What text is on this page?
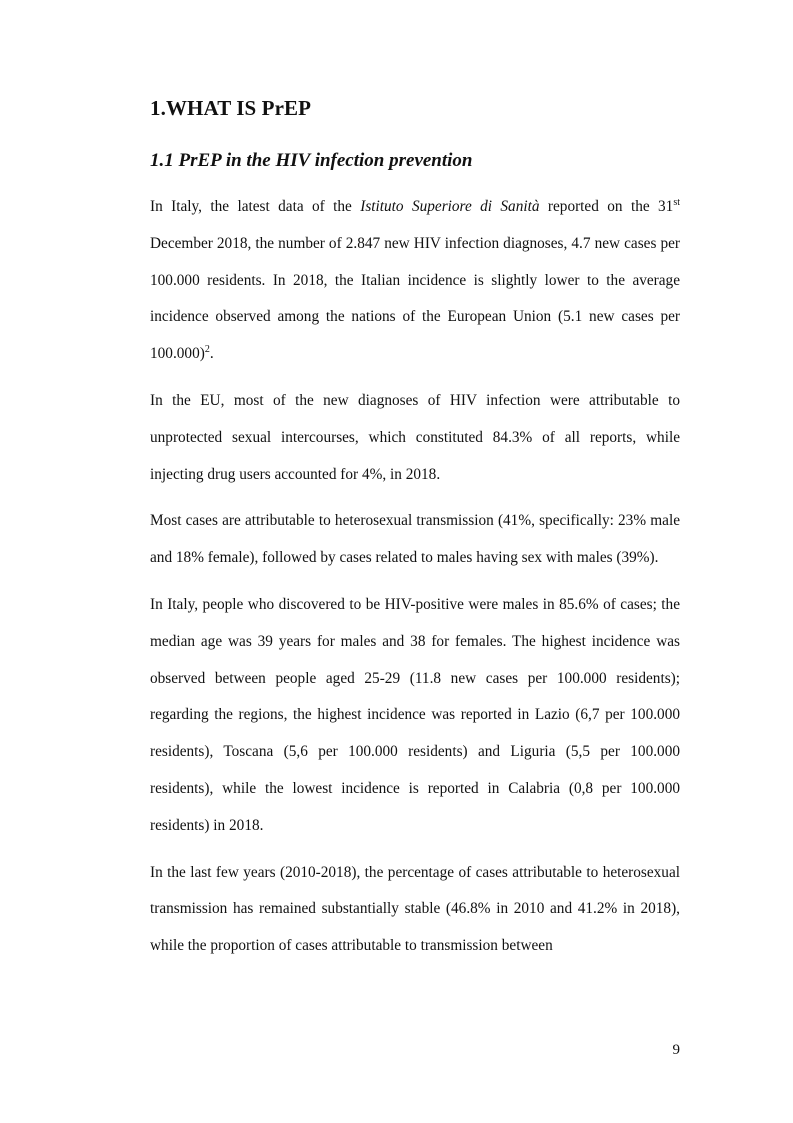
1.WHAT IS PrEP
1.1 PrEP in the HIV infection prevention

In Italy, the latest data of the Istituto Superiore di Sanità reported on the 31st December 2018, the number of 2.847 new HIV infection diagnoses, 4.7 new cases per 100.000 residents. In 2018, the Italian incidence is slightly lower to the average incidence observed among the nations of the European Union (5.1 new cases per 100.000)$^2$.

In the EU, most of the new diagnoses of HIV infection were attributable to unprotected sexual intercourses, which constituted 84.3% of all reports, while injecting drug users accounted for 4%, in 2018.

Most cases are attributable to heterosexual transmission (41%, specifically: 23% male and 18% female), followed by cases related to males having sex with males (39%).

In Italy, people who discovered to be HIV-positive were males in 85.6% of cases; the median age was 39 years for males and 38 for females. The highest incidence was observed between people aged 25-29 (11.8 new cases per 100.000 residents); regarding the regions, the highest incidence was reported in Lazio (6,7 per 100.000 residents), Toscana (5,6 per 100.000 residents) and Liguria (5,5 per 100.000 residents), while the lowest incidence is reported in Calabria (0,8 per 100.000 residents) in 2018.

In the last few years (2010-2018), the percentage of cases attributable to heterosexual transmission has remained substantially stable (46.8% in 2010 and 41.2% in 2018), while the proportion of cases attributable to transmission between

9
